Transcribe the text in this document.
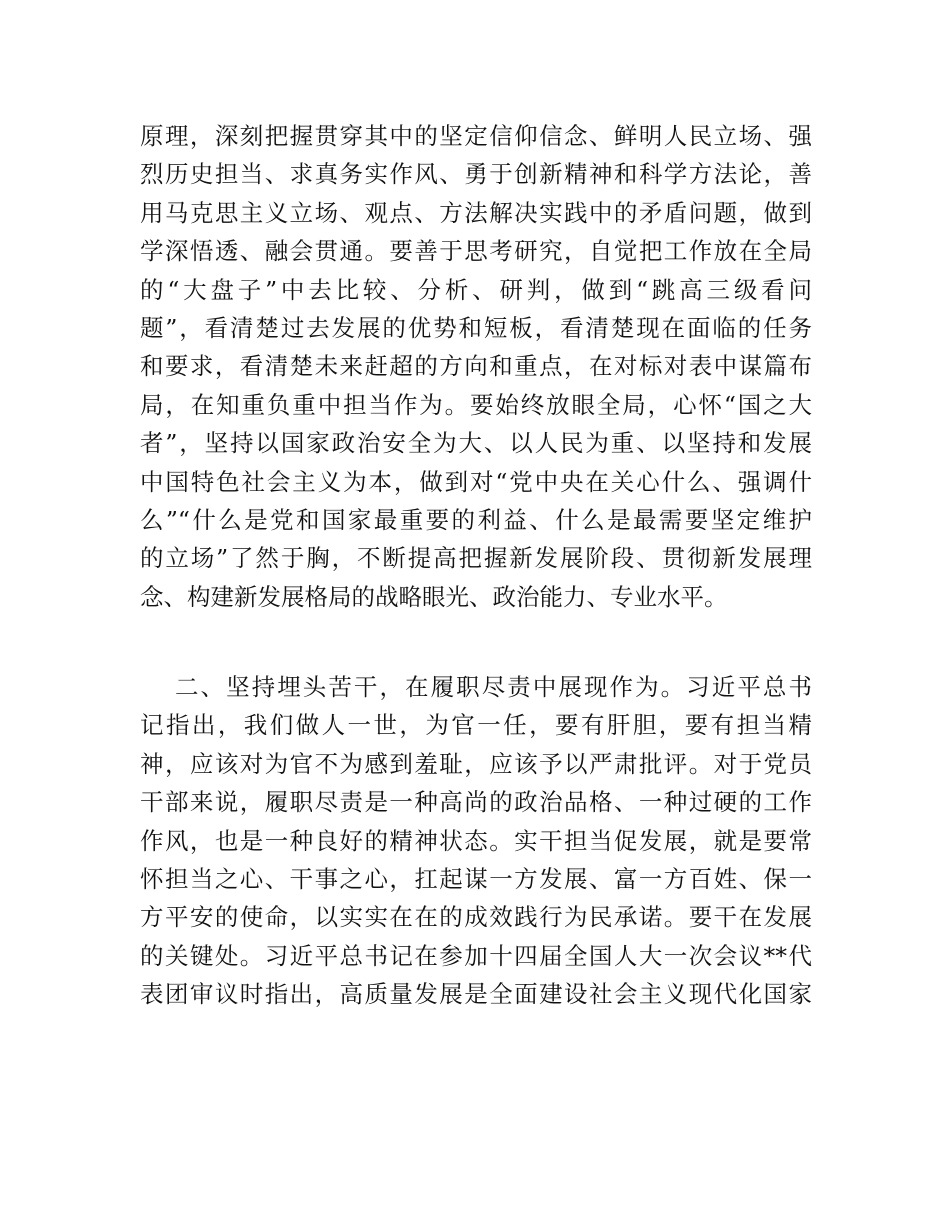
原理，深刻把握贯穿其中的坚定信仰信念、鲜明人民立场、强
烈历史担当、求真务实作风、勇于创新精神和科学方法论，善
用马克思主义立场、观点、方法解决实践中的矛盾问题，做到
学深悟透、融会贯通。要善于思考研究，自觉把工作放在全局
的“大盘子”中去比较、分析、研判，做到“跳高三级看问
题”，看清楚过去发展的优势和短板，看清楚现在面临的任务
和要求，看清楚未来赶超的方向和重点，在对标对表中谋篇布
局，在知重负重中担当作为。要始终放眼全局，心怀“国之大
者”，坚持以国家政治安全为大、以人民为重、以坚持和发展
中国特色社会主义为本，做到对“党中央在关心什么、强调什
么”“什么是党和国家最重要的利益、什么是最需要坚定维护
的立场”了然于胸，不断提高把握新发展阶段、贯彻新发展理
念、构建新发展格局的战略眼光、政治能力、专业水平。
二、坚持埋头苦干，在履职尽责中展现作为。习近平总书
记指出，我们做人一世，为官一任，要有肝胆，要有担当精
神，应该对为官不为感到羞耻，应该予以严肃批评。对于党员
干部来说，履职尽责是一种高尚的政治品格、一种过硬的工作
作风，也是一种良好的精神状态。实干担当促发展，就是要常
怀担当之心、干事之心，扛起谋一方发展、富一方百姓、保一
方平安的使命，以实实在在的成效践行为民承诺。要干在发展
的关键处。习近平总书记在参加十四届全国人大一次会议**代
表团审议时指出，高质量发展是全面建设社会主义现代化国家
